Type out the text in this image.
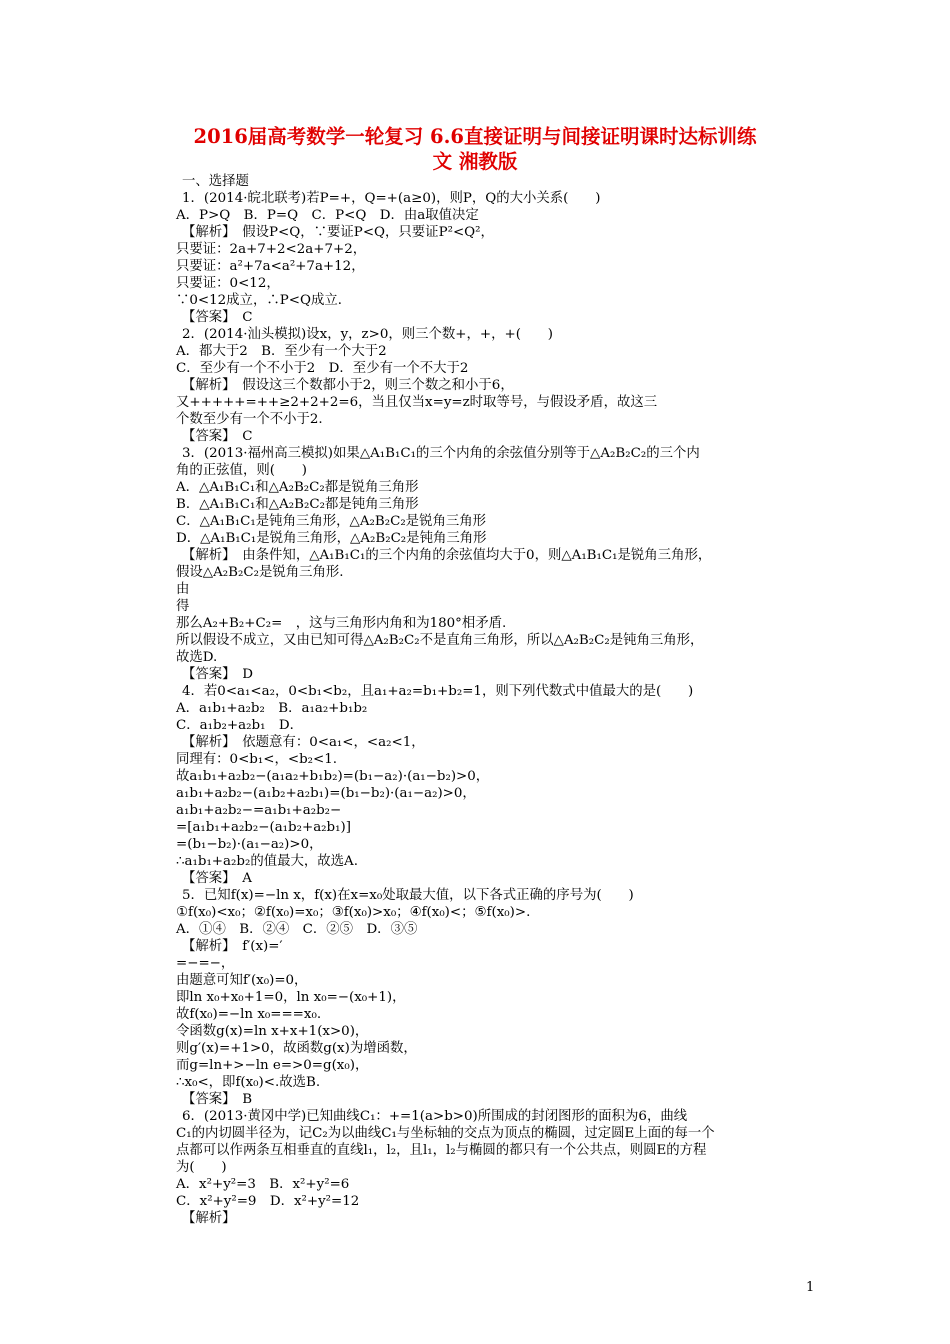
2016届高考数学一轮复习 6.6直接证明与间接证明课时达标训练
文 湘教版
一、选择题
1．(2014·皖北联考)若P=+，Q=+(a≥0)，则P，Q的大小关系(　　)
A．P>Q　B．P=Q　C．P<Q　D．由a取值决定
【解析】　假设P<Q，∵要证P<Q，只要证P²<Q²，
只要证：2a+7+2<2a+7+2，
只要证：a²+7a<a²+7a+12，
只要证：0<12，
∵0<12成立，∴P<Q成立．
【答案】　C
2．(2014·汕头模拟)设x，y，z>0，则三个数+，+，+(　　)
A．都大于2　B．至少有一个大于2
C．至少有一个不小于2　D．至少有一个不大于2
【解析】　假设这三个数都小于2，则三个数之和小于6，
又+++++=++≥2+2+2=6，当且仅当x=y=z时取等号，与假设矛盾，故这三
个数至少有一个不小于2.
【答案】　C
3．(2013·福州高三模拟)如果△A₁B₁C₁的三个内角的余弦值分别等于△A₂B₂C₂的三个内
角的正弦值，则(　　)
A．△A₁B₁C₁和△A₂B₂C₂都是锐角三角形
B．△A₁B₁C₁和△A₂B₂C₂都是钝角三角形
C．△A₁B₁C₁是钝角三角形，△A₂B₂C₂是锐角三角形
D．△A₁B₁C₁是锐角三角形，△A₂B₂C₂是钝角三角形
【解析】　由条件知，△A₁B₁C₁的三个内角的余弦值均大于0，则△A₁B₁C₁是锐角三角形，
假设△A₂B₂C₂是锐角三角形.
由
得
那么A₂+B₂+C₂=　，这与三角形内角和为180°相矛盾.
所以假设不成立，又由已知可得△A₂B₂C₂不是直角三角形，所以△A₂B₂C₂是钝角三角形，
故选D.
【答案】　D
4．若0<a₁<a₂，0<b₁<b₂，且a₁+a₂=b₁+b₂=1，则下列代数式中值最大的是(　　)
A．a₁b₁+a₂b₂　B．a₁a₂+b₁b₂
C．a₁b₂+a₂b₁　D．
【解析】　依题意有：0<a₁<，<a₂<1，
同理有：0<b₁<，<b₂<1.
故a₁b₁+a₂b₂−(a₁a₂+b₁b₂)=(b₁−a₂)·(a₁−b₂)>0，
a₁b₁+a₂b₂−(a₁b₂+a₂b₁)=(b₁−b₂)·(a₁−a₂)>0，
a₁b₁+a₂b₂−=a₁b₁+a₂b₂−
=[a₁b₁+a₂b₂−(a₁b₂+a₂b₁)]
=(b₁−b₂)·(a₁−a₂)>0，
∴a₁b₁+a₂b₂的值最大，故选A.
【答案】　A
5．已知f(x)=−ln x，f(x)在x=x₀处取最大值，以下各式正确的序号为(　　)
①f(x₀)<x₀；②f(x₀)=x₀；③f(x₀)>x₀；④f(x₀)<；⑤f(x₀)>.
A．①④　B．②④　C．②⑤　D．③⑤
【解析】　f′(x)=′
=−=−，
由题意可知f′(x₀)=0，
即ln x₀+x₀+1=0，ln x₀=−(x₀+1)，
故f(x₀)=−ln x₀===x₀.
令函数g(x)=ln x+x+1(x>0)，
则g′(x)=+1>0，故函数g(x)为增函数，
而g=ln+>−ln e=>0=g(x₀)，
∴x₀<，即f(x₀)<.故选B.
【答案】　B
6．(2013·黄冈中学)已知曲线C₁：+=1(a>b>0)所围成的封闭图形的面积为6，曲线
C₁的内切圆半径为，记C₂为以曲线C₁与坐标轴的交点为顶点的椭圆，过定圆E上面的每一个
点都可以作两条互相垂直的直线l₁，l₂，且l₁，l₂与椭圆的都只有一个公共点，则圆E的方程
为(　　)
A．x²+y²=3　B．x²+y²=6
C．x²+y²=9　D．x²+y²=12
【解析】
1
